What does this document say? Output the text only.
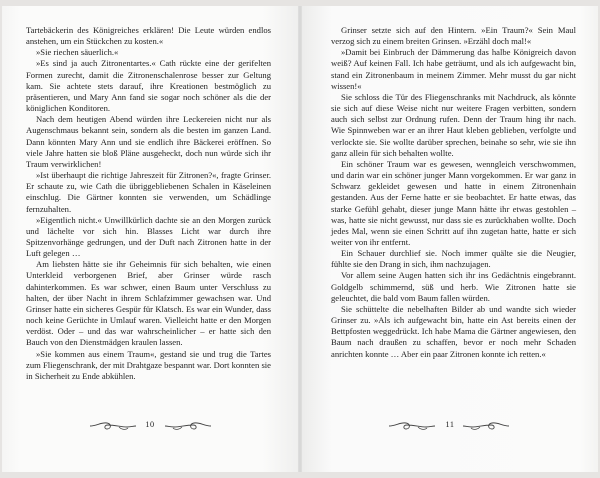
Tartebäckerin des Königreiches erklären! Die Leute würden endlos anstehen, um ein Stückchen zu kosten.«

»Sie riechen säuerlich.«

»Es sind ja auch Zitronentartes.« Cath rückte eine der gerifelten Formen zurecht, damit die Zitronenschalenrose besser zur Geltung kam. Sie achtete stets darauf, ihre Kreationen bestmöglich zu präsentieren, und Mary Ann fand sie sogar noch schöner als die der königlichen Konditoren.

Nach dem heutigen Abend würden ihre Leckereien nicht nur als Augenschmaus bekannt sein, sondern als die besten im ganzen Land. Dann könnten Mary Ann und sie endlich ihre Bäckerei eröffnen. So viele Jahre hatten sie bloß Pläne ausgeheckt, doch nun würde sich ihr Traum verwirklichen!

»Ist überhaupt die richtige Jahreszeit für Zitronen?«, fragte Grinser. Er schaute zu, wie Cath die übriggebliebenen Schalen in Käseleinen einschlug. Die Gärtner konnten sie verwenden, um Schädlinge fernzuhalten.

»Eigentlich nicht.« Unwillkürlich dachte sie an den Morgen zurück und lächelte vor sich hin. Blasses Licht war durch ihre Spitzenvorhänge gedrungen, und der Duft nach Zitronen hatte in der Luft gelegen …

Am liebsten hätte sie ihr Geheimnis für sich behalten, wie einen Unterkleid verborgenen Brief, aber Grinser würde rasch dahinterkommen. Es war schwer, einen Baum unter Verschluss zu halten, der über Nacht in ihrem Schlafzimmer gewachsen war. Und Grinser hatte ein sicheres Gespür für Klatsch. Es war ein Wunder, dass noch keine Gerüchte in Umlauf waren. Vielleicht hatte er den Morgen verdöst. Oder – und das war wahrscheinlicher – er hatte sich den Bauch von den Dienstmädgen kraulen lassen.

»Sie kommen aus einem Traum«, gestand sie und trug die Tartes zum Fliegenschrank, der mit Drahtgaze bespannt war. Dort konnten sie in Sicherheit zu Ende abkühlen.

10

Grinser setzte sich auf den Hintern. »Ein Traum?« Sein Maul verzog sich zu einem breiten Grinsen. »Erzähl doch mal!«

»Damit bei Einbruch der Dämmerung das halbe Königreich davon weiß? Auf keinen Fall. Ich habe geträumt, und als ich aufgewacht bin, stand ein Zitronenbaum in meinem Zimmer. Mehr musst du gar nicht wissen!«

Sie schloss die Tür des Fliegenschranks mit Nachdruck, als könnte sie sich auf diese Weise nicht nur weitere Fragen verbitten, sondern auch sich selbst zur Ordnung rufen. Denn der Traum hing ihr nach. Wie Spinnweben war er an ihrer Haut kleben geblieben, verfolgte und verlockte sie. Sie wollte darüber sprechen, beinahe so sehr, wie sie ihn ganz allein für sich behalten wollte.

Ein schöner Traum war es gewesen, wenngleich verschwommen, und darin war ein schöner junger Mann vorgekommen. Er war ganz in Schwarz gekleidet gewesen und hatte in einem Zitronenhain gestanden. Aus der Ferne hatte er sie beobachtet. Er hatte etwas, das starke Gefühl gehabt, dieser junge Mann hätte ihr etwas gestohlen – was, hatte sie nicht gewusst, nur dass sie es zurückhaben wollte. Doch jedes Mal, wenn sie einen Schritt auf ihn zugetan hatte, hatte er sich weiter von ihr entfernt.

Ein Schauer durchlief sie. Noch immer quälte sie die Neugier, fühlte sie den Drang in sich, ihm nachzujagen.

Vor allem seine Augen hatten sich ihr ins Gedächtnis eingebrannt. Goldgelb schimmernd, süß und herb. Wie Zitronen hatte sie geleuchtet, die bald vom Baum fallen würden.

Sie schüttelte die nebelhaften Bilder ab und wandte sich wieder Grinser zu. »Als ich aufgewacht bin, hatte ein Ast bereits einen der Bettpfosten weggedrückt. Ich habe Mama die Gärtner angewiesen, den Baum nach draußen zu schaffen, bevor er noch mehr Schaden anrichten konnte … Aber ein paar Zitronen konnte ich retten.«

11
